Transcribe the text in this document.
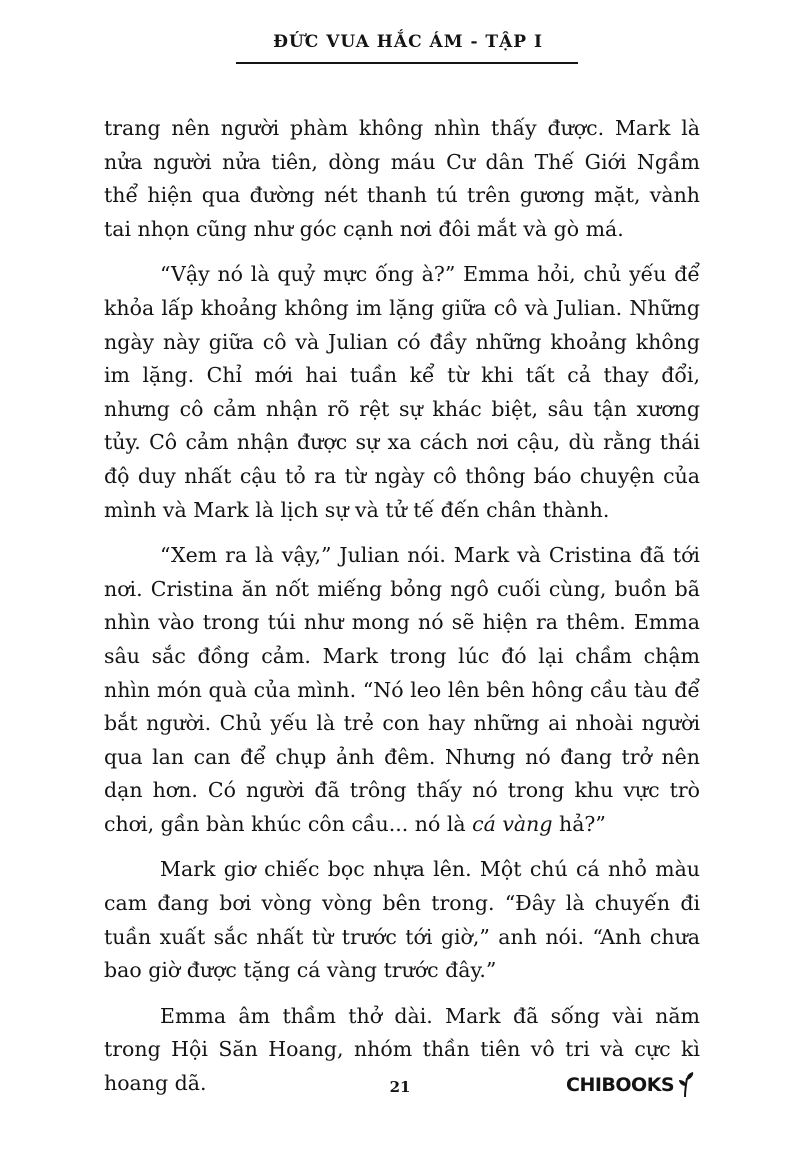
ĐỨC VUA HẮC ÁM - TẬP I

trang nên người phàm không nhìn thấy được. Mark là nửa người nửa tiên, dòng máu Cư dân Thế Giới Ngầm thể hiện qua đường nét thanh tú trên gương mặt, vành tai nhọn cũng như góc cạnh nơi đôi mắt và gò má.

“Vậy nó là quỷ mực ống à?” Emma hỏi, chủ yếu để khỏa lấp khoảng không im lặng giữa cô và Julian. Những ngày này giữa cô và Julian có đầy những khoảng không im lặng. Chỉ mới hai tuần kể từ khi tất cả thay đổi, nhưng cô cảm nhận rõ rệt sự khác biệt, sâu tận xương tủy. Cô cảm nhận được sự xa cách nơi cậu, dù rằng thái độ duy nhất cậu tỏ ra từ ngày cô thông báo chuyện của mình và Mark là lịch sự và tử tế đến chân thành.

“Xem ra là vậy,” Julian nói. Mark và Cristina đã tới nơi. Cristina ăn nốt miếng bỏng ngô cuối cùng, buồn bã nhìn vào trong túi như mong nó sẽ hiện ra thêm. Emma sâu sắc đồng cảm. Mark trong lúc đó lại chầm chậm nhìn món quà của mình. “Nó leo lên bên hông cầu tàu để bắt người. Chủ yếu là trẻ con hay những ai nhoài người qua lan can để chụp ảnh đêm. Nhưng nó đang trở nên dạn hơn. Có người đã trông thấy nó trong khu vực trò chơi, gần bàn khúc côn cầu... nó là cá vàng hả?”

Mark giơ chiếc bọc nhựa lên. Một chú cá nhỏ màu cam đang bơi vòng vòng bên trong. “Đây là chuyến đi tuần xuất sắc nhất từ trước tới giờ,” anh nói. “Anh chưa bao giờ được tặng cá vàng trước đây.”

Emma âm thầm thở dài. Mark đã sống vài năm trong Hội Săn Hoang, nhóm thần tiên vô tri và cực kì hoang dã.	21	CHIBOOKS
